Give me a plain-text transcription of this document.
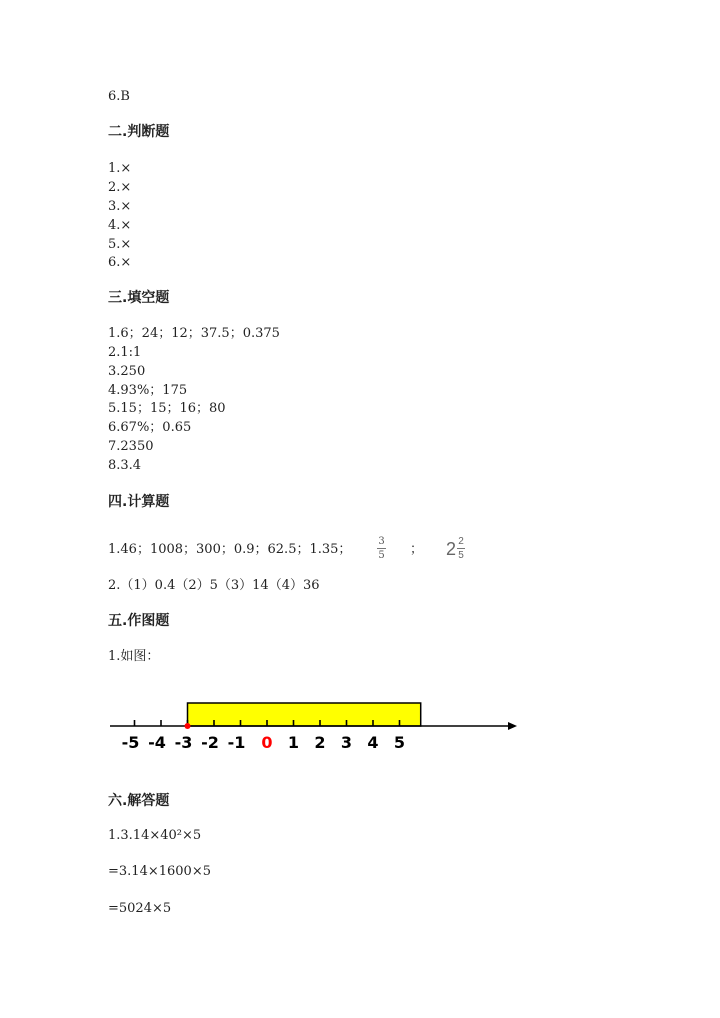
6.B
二.判断题
1.×
2.×
3.×
4.×
5.×
6.×
三.填空题
1.6；24；12；37.5；0.375
2.1:1
3.250
4.93%；175
5.15；15；16；80
6.67%；0.65
7.2350
8.3.4
四.计算题
1.46；1008；300；0.9；62.5；1.35；
3
5 ； 2 2
5
2.（1）0.4（2）5（3）14（4）36
五.作图题
1.如图：
-5 -4 -3 -2 -1 0 1 2 3 4 5
六.解答题
1.3.14×40²×5
=3.14×1600×5
=5024×5
